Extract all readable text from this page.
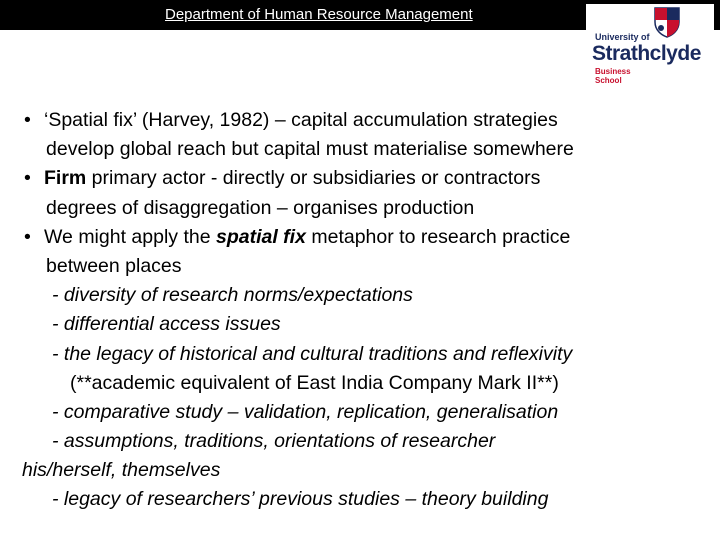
Department of Human Resource Management
University of
Strathclyde
Business
School
• ‘Spatial fix’ (Harvey, 1982) – capital accumulation strategies
develop global reach but capital must materialise somewhere
• Firm primary actor - directly or subsidiaries or contractors
degrees of disaggregation – organises production
• We might apply the spatial fix metaphor to research practice
between places
- diversity of research norms/expectations
- differential access issues
- the legacy of historical and cultural traditions and reflexivity
(**academic equivalent of East India Company Mark II**)
- comparative study – validation, replication, generalisation
- assumptions, traditions, orientations of researcher
his/herself, themselves
- legacy of researchers’ previous studies – theory building
